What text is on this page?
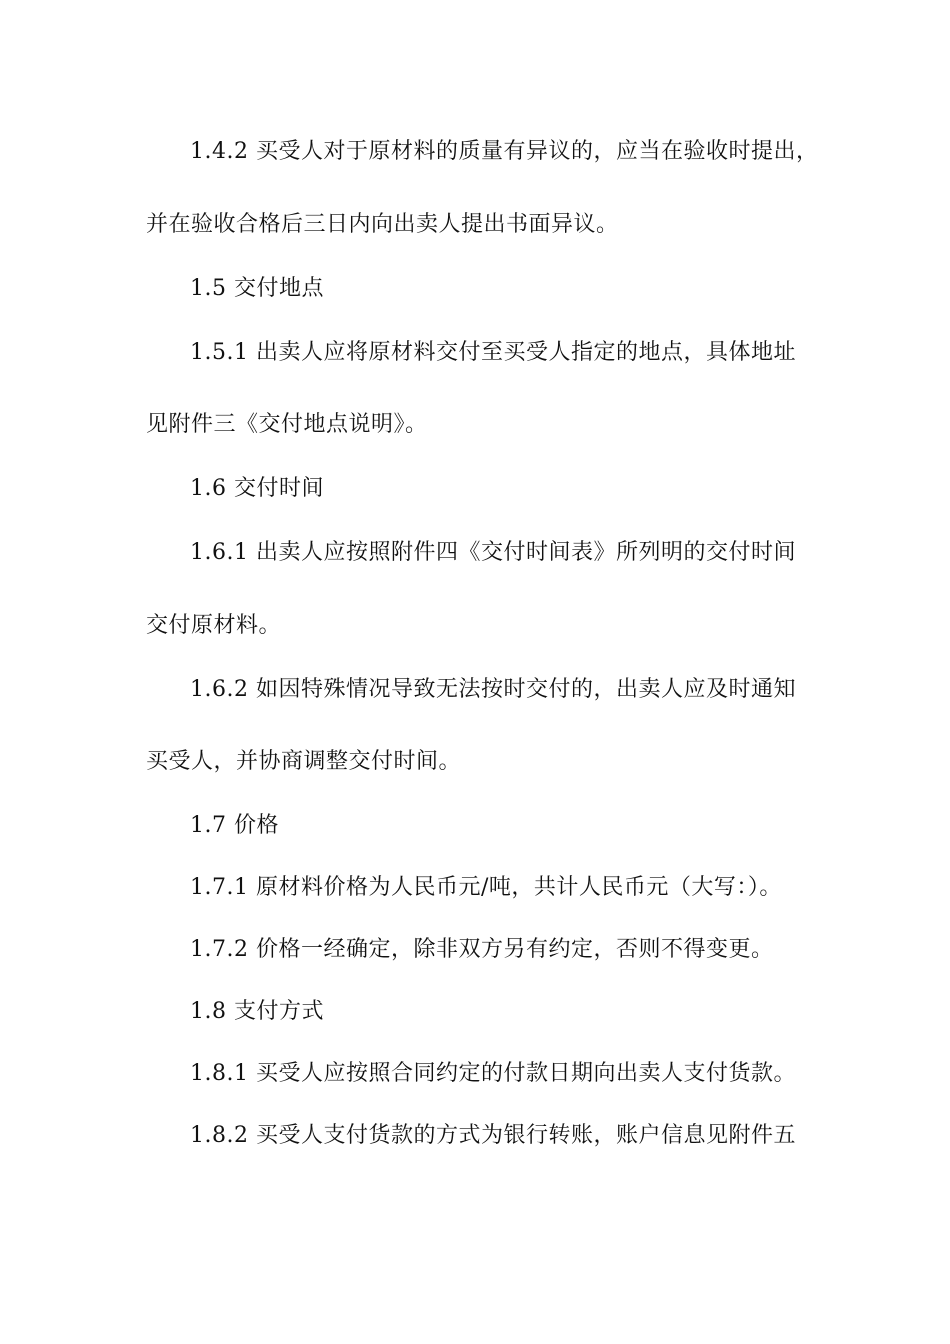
1.4.2 买受人对于原材料的质量有异议的，应当在验收时提出，
并在验收合格后三日内向出卖人提出书面异议。
1.5 交付地点
1.5.1 出卖人应将原材料交付至买受人指定的地点，具体地址
见附件三《交付地点说明》。
1.6 交付时间
1.6.1 出卖人应按照附件四《交付时间表》所列明的交付时间
交付原材料。
1.6.2 如因特殊情况导致无法按时交付的，出卖人应及时通知
买受人，并协商调整交付时间。
1.7 价格
1.7.1 原材料价格为人民币元/吨，共计人民币元（大写：）。
1.7.2 价格一经确定，除非双方另有约定，否则不得变更。
1.8 支付方式
1.8.1 买受人应按照合同约定的付款日期向出卖人支付货款。
1.8.2 买受人支付货款的方式为银行转账，账户信息见附件五
